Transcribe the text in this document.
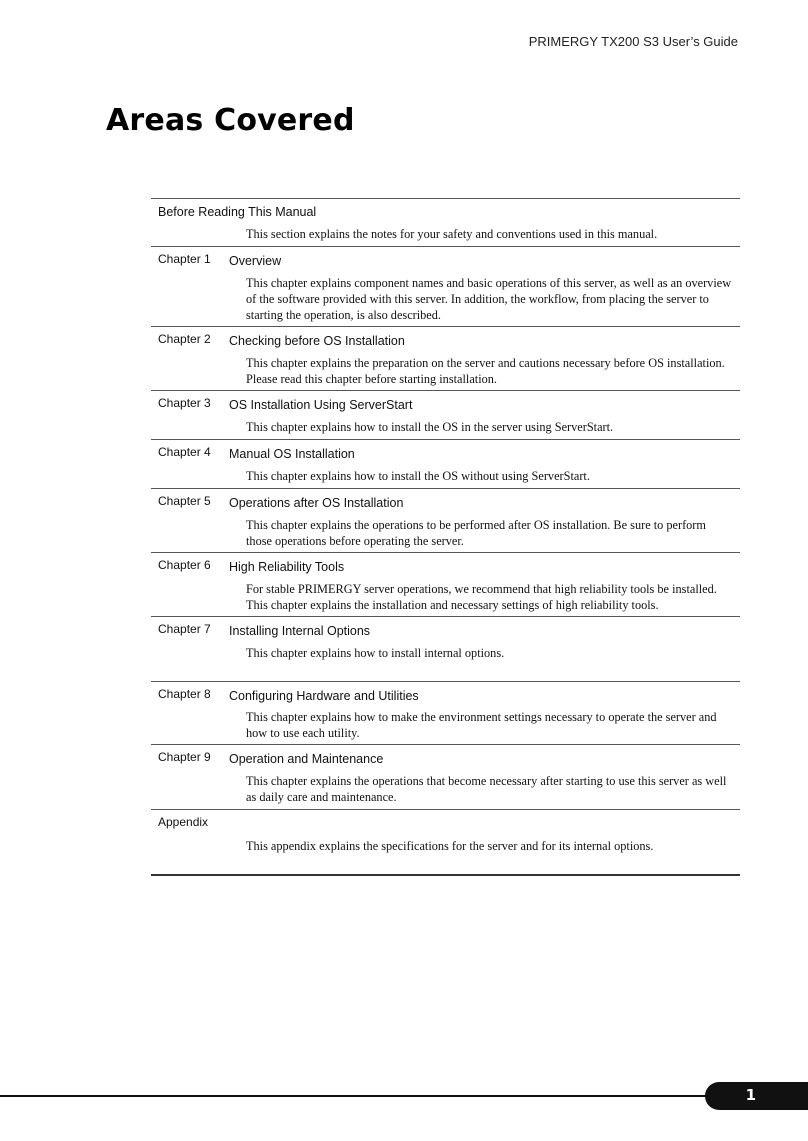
PRIMERGY TX200 S3 User’s Guide
Areas Covered
Before Reading This Manual
This section explains the notes for your safety and conventions used in this manual.
Chapter 1 Overview
This chapter explains component names and basic operations of this server, as well as an overview of the software provided with this server. In addition, the workflow, from placing the server to starting the operation, is also described.
Chapter 2 Checking before OS Installation
This chapter explains the preparation on the server and cautions necessary before OS installation. Please read this chapter before starting installation.
Chapter 3 OS Installation Using ServerStart
This chapter explains how to install the OS in the server using ServerStart.
Chapter 4 Manual OS Installation
This chapter explains how to install the OS without using ServerStart.
Chapter 5 Operations after OS Installation
This chapter explains the operations to be performed after OS installation. Be sure to perform those operations before operating the server.
Chapter 6 High Reliability Tools
For stable PRIMERGY server operations, we recommend that high reliability tools be installed. This chapter explains the installation and necessary settings of high reliability tools.
Chapter 7 Installing Internal Options
This chapter explains how to install internal options.
Chapter 8 Configuring Hardware and Utilities
This chapter explains how to make the environment settings necessary to operate the server and how to use each utility.
Chapter 9 Operation and Maintenance
This chapter explains the operations that become necessary after starting to use this server as well as daily care and maintenance.
Appendix
This appendix explains the specifications for the server and for its internal options.
1
